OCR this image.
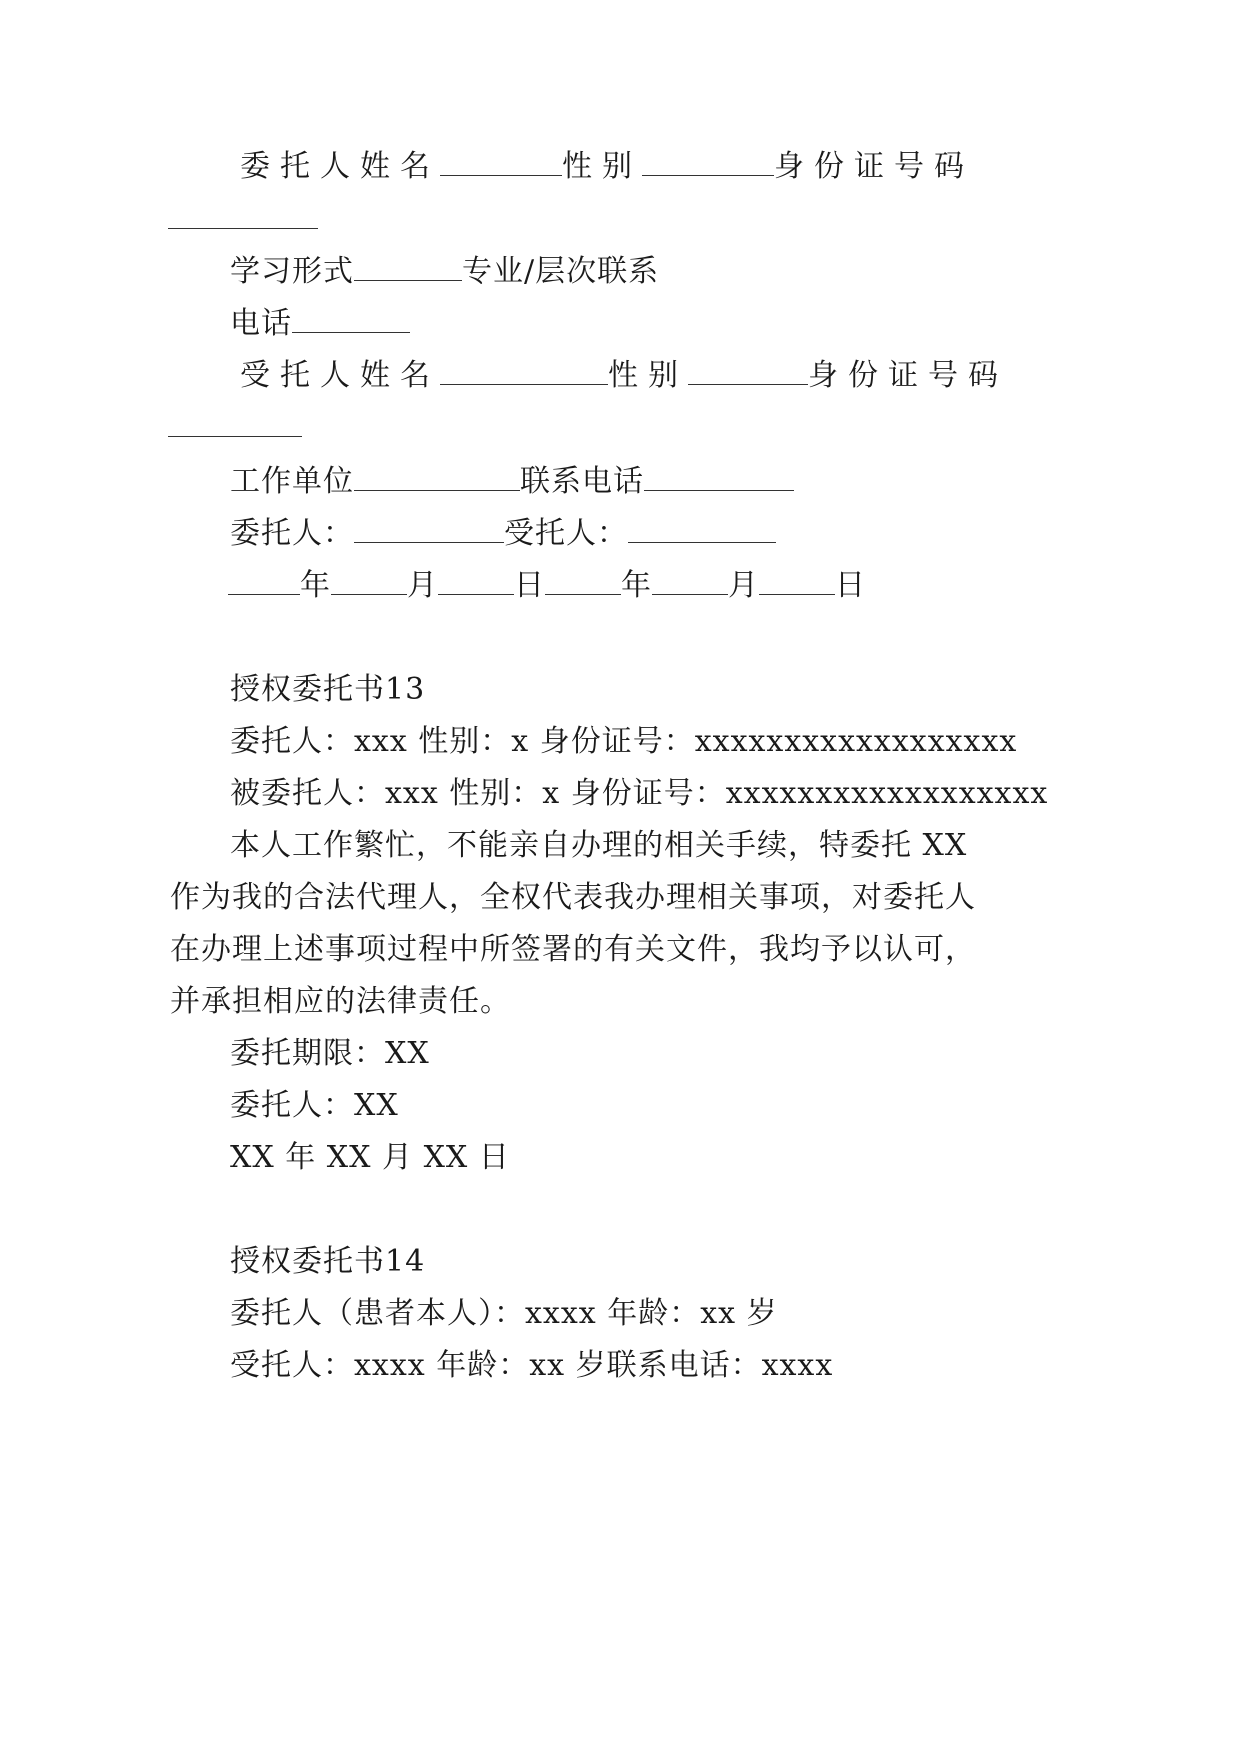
委托人姓名	性别	身份证号码
学习形式	专业/层次联系
电话
受托人姓名	性别	身份证号码
工作单位	联系电话
委托人：	受托人：
年	月	日	年	月	日
授权委托书13
委托人：xxx 性别：x 身份证号：xxxxxxxxxxxxxxxxxx
被委托人：xxx 性别：x 身份证号：xxxxxxxxxxxxxxxxxx
本人工作繁忙，不能亲自办理的相关手续，特委托 XX
作为我的合法代理人，全权代表我办理相关事项，对委托人
在办理上述事项过程中所签署的有关文件，我均予以认可，
并承担相应的法律责任。
委托期限：XX
委托人：XX
XX 年 XX 月 XX 日
授权委托书14
委托人（患者本人）：xxxx 年龄：xx 岁
受托人：xxxx 年龄：xx 岁联系电话：xxxx
